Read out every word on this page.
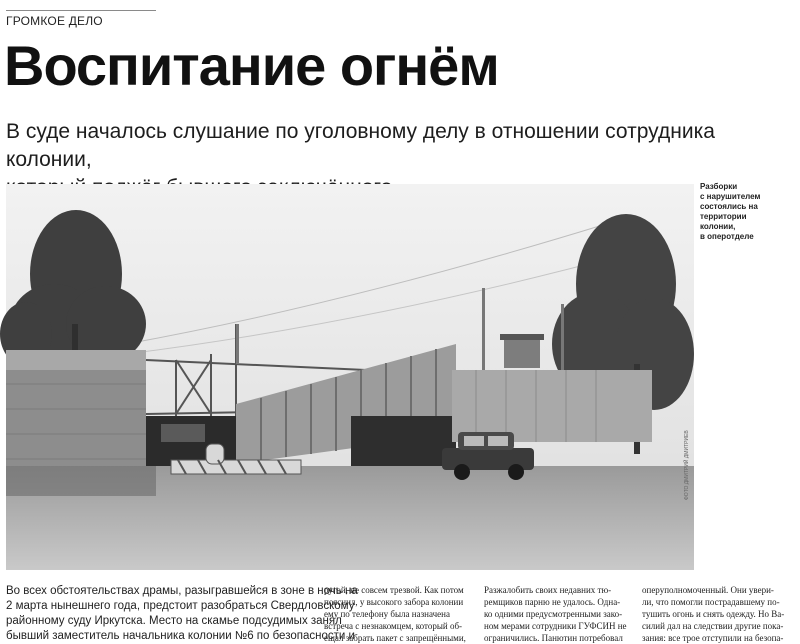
ГРОМКОЕ ДЕЛО
Воспитание огнём
В суде началось слушание по уголовному делу в отношении сотрудника колонии,
Разборки
с нарушителем
состоялись на
территории
колонии,
в оперотделе
ФОТО ДМИТРИЙ ДМИТРИЕВ
Во всех обстоятельствах драмы, разыгравшейся в зоне в ночь на
2 марта нынешнего года, предстоит разобраться Свердловскому
районному суду Иркутска. Место на скамье подсудимых занял
бывший заместитель начальника колонии №6 по безопасности и
ругой, не совсем трезвой. Как потом
пояснил, у высокого забора колонии
ему по телефону была назначена
встреча с незнакомцем, который об-
ещал забрать пакет с запрещёнными,
Разжалобить своих недавних тю-
ремщиков парню не удалось. Одна-
ко одними предусмотренными зако-
ном мерами сотрудники ГУФСИН не
ограничились. Панютин потребовал
оперуполномоченный. Они увери-
ли, что помогли пострадавшему по-
тушить огонь и снять одежду. Но Ва-
силий дал на следствии другие пока-
зания: все трое отступили на безопа-
